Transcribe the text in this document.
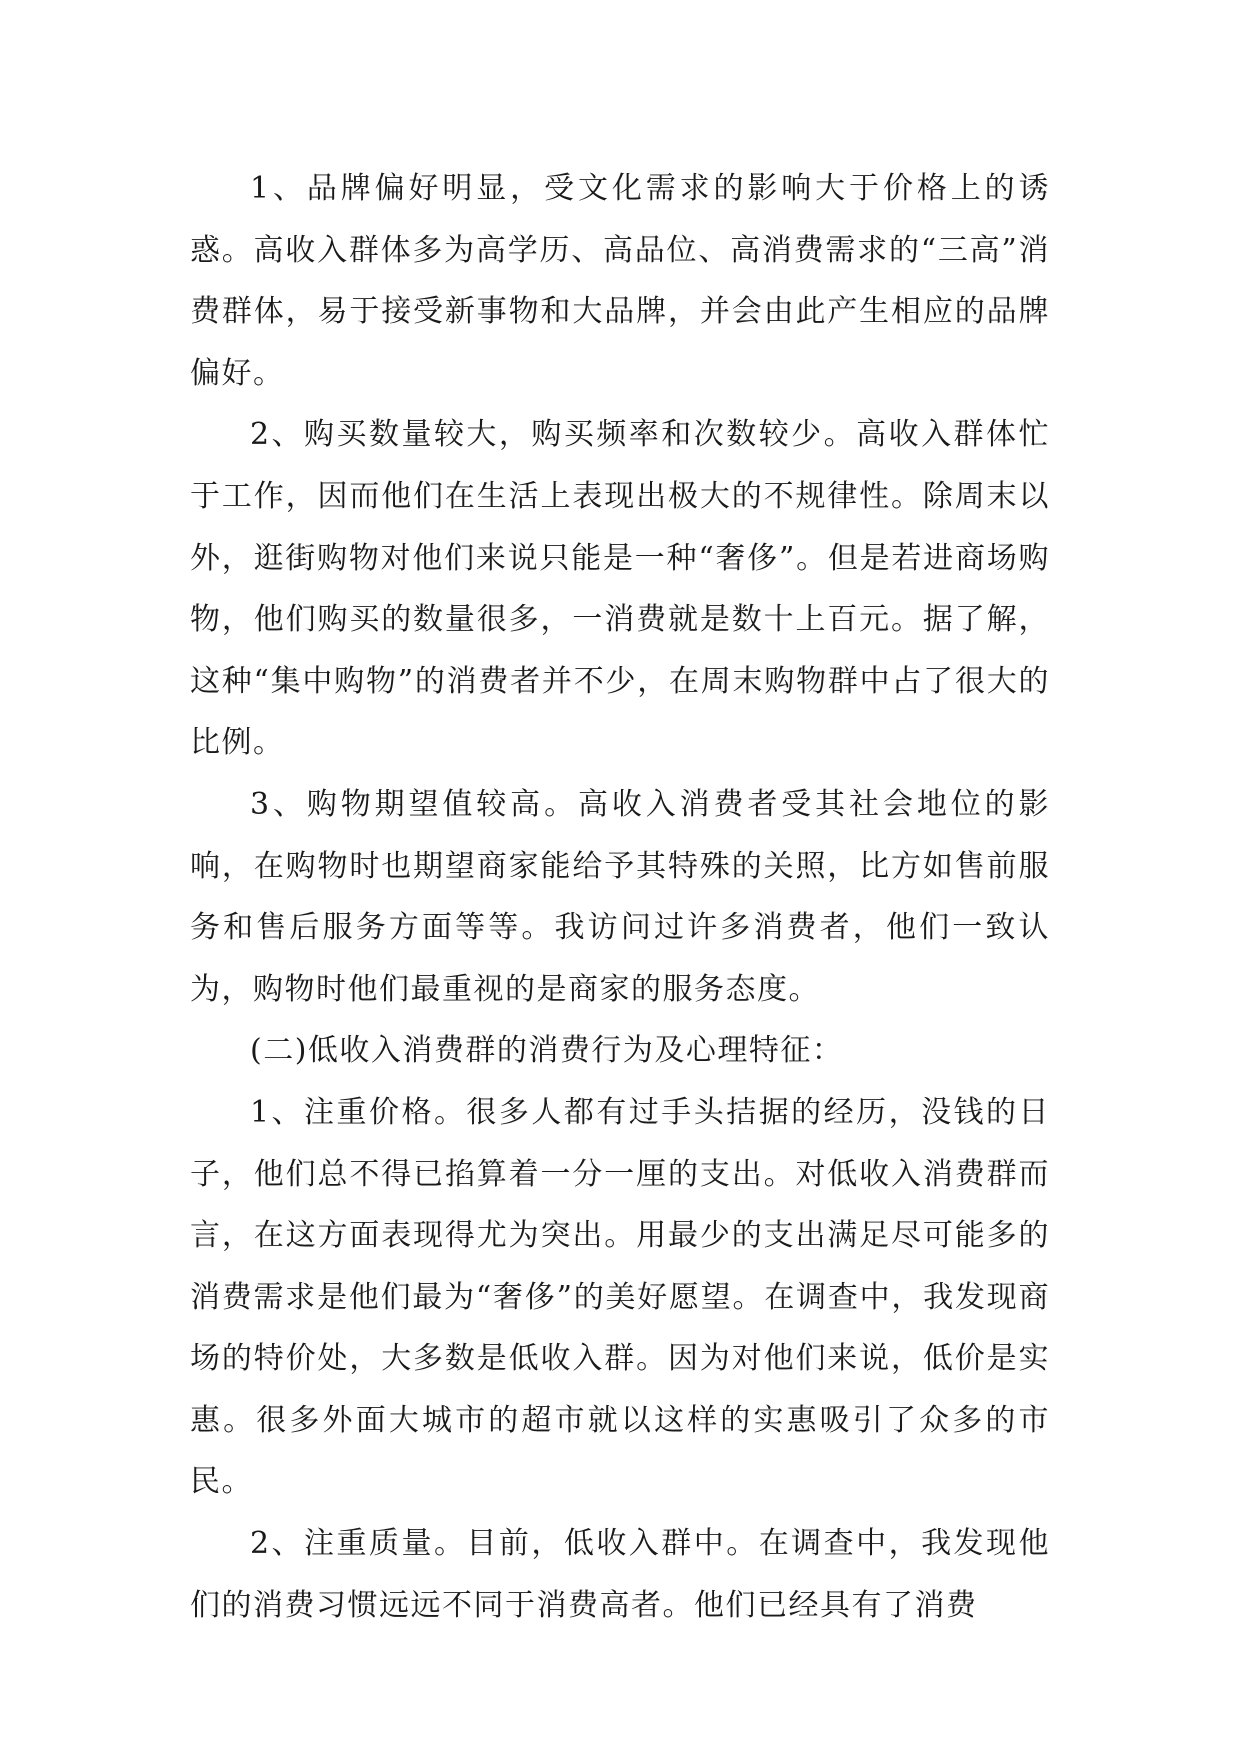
1、品牌偏好明显，受文化需求的影响大于价格上的诱惑。高收入群体多为高学历、高品位、高消费需求的“三高”消费群体，易于接受新事物和大品牌，并会由此产生相应的品牌偏好。

2、购买数量较大，购买频率和次数较少。高收入群体忙于工作，因而他们在生活上表现出极大的不规律性。除周末以外，逛街购物对他们来说只能是一种“奢侈”。但是若进商场购物，他们购买的数量很多，一消费就是数十上百元。据了解， 这种“集中购物”的消费者并不少，在周末购物群中占了很大的比例。

3、购物期望值较高。高收入消费者受其社会地位的影响，在购物时也期望商家能给予其特殊的关照，比方如售前服务和售后服务方面等等。我访问过许多消费者，他们一致认为，购物时他们最重视的是商家的服务态度。

(二)低收入消费群的消费行为及心理特征：

1、注重价格。很多人都有过手头拮据的经历，没钱的日子，他们总不得已掐算着一分一厘的支出。对低收入消费群而言，在这方面表现得尤为突出。用最少的支出满足尽可能多的消费需求是他们最为“奢侈”的美好愿望。在调查中，我发现商场的特价处，大多数是低收入群。因为对他们来说，低价是实惠。很多外面大城市的超市就以这样的实惠吸引了众多的市民。

2、注重质量。目前，低收入群中。在调查中，我发现他们的消费习惯远远不同于消费高者。他们已经具有了消费
